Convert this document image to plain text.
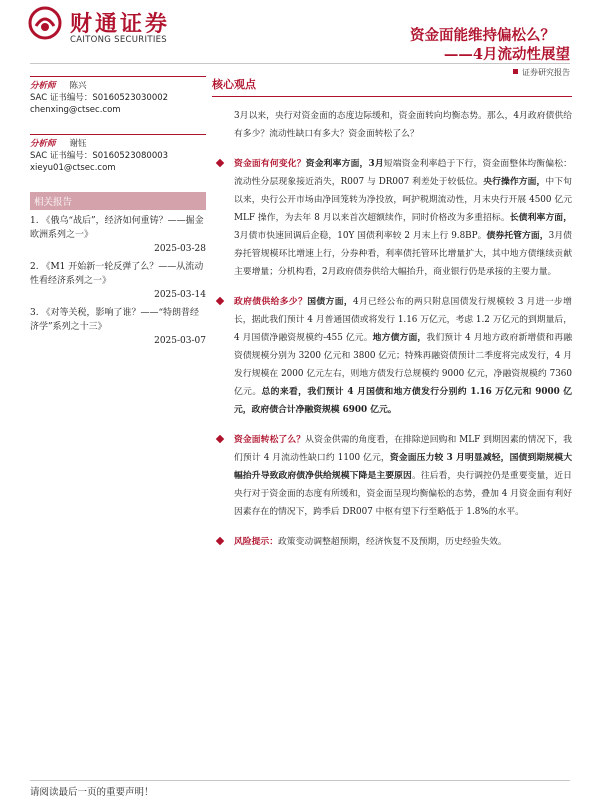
财通证券
CAITONG SECURITIES	资金面能维持偏松么？
——4月流动性展望
证券研究报告
分析师 陈兴
SAC 证书编号：S0160523030002
chenxing@ctsec.com
分析师 谢钰
SAC 证书编号：S0160523080003
xieyu01@ctsec.com
相关报告
1. 《俄乌“战后”，经济如何重铸？——掘金欧洲系列之一》
2025-03-28
2. 《M1 开始新一轮反弹了么？——从流动性看经济系列之一》
2025-03-14
3. 《对等关税，影响了谁？——“特朗普经济学”系列之十三》
2025-03-07
核心观点
3月以来，央行对资金面的态度边际缓和，资金面转向均衡态势。那么，4月政府债供给有多少？流动性缺口有多大？资金面转松了么？
资金面有何变化？资金利率方面，3月短端资金利率趋于下行，资金面整体均衡偏松：流动性分层现象接近消失，R007 与 DR007 利差处于较低位。央行操作方面，中下旬以来，央行公开市场由净回笼转为净投放，呵护税期流动性，月末央行开展 4500 亿元 MLF 操作，为去年 8 月以来首次超额续作，同时价格改为多重招标。长债利率方面，3月债市快速回调后企稳，10Y 国债利率较 2 月末上行 9.8BP。债券托管方面，3月债券托管规模环比增速上行，分券种看，利率债托管环比增量扩大，其中地方债继续贡献主要增量；分机构看，2月政府债券供给大幅抬升，商业银行仍是承接的主要力量。
政府债供给多少？国债方面，4月已经公布的两只附息国债发行规模较 3 月进一步增长，据此我们预计 4 月普通国债或将发行 1.16 万亿元，考虑 1.2 万亿元的到期量后，4 月国债净融资规模约-455 亿元。地方债方面，我们预计 4 月地方政府新增债和再融资债规模分别为 3200 亿元和 3800 亿元；特殊再融资债预计二季度将完成发行，4 月发行规模在 2000 亿元左右，则地方债发行总规模约 9000 亿元，净融资规模约 7360 亿元。总的来看，我们预计 4 月国债和地方债发行分别约 1.16 万亿元和 9000 亿元，政府债合计净融资规模 6900 亿元。
资金面转松了么？从资金供需的角度看，在排除逆回购和 MLF 到期因素的情况下，我们预计 4 月流动性缺口约 1100 亿元，资金面压力较 3 月明显减轻，国债到期规模大幅抬升导致政府债净供给规模下降是主要原因。往后看，央行调控仍是重要变量，近日央行对于资金面的态度有所缓和，资金面呈现均衡偏松的态势，叠加 4 月资金面有利好因素存在的情况下，跨季后 DR007 中枢有望下行至略低于 1.8%的水平。
风险提示：政策变动调整超预期，经济恢复不及预期，历史经验失效。
请阅读最后一页的重要声明！
